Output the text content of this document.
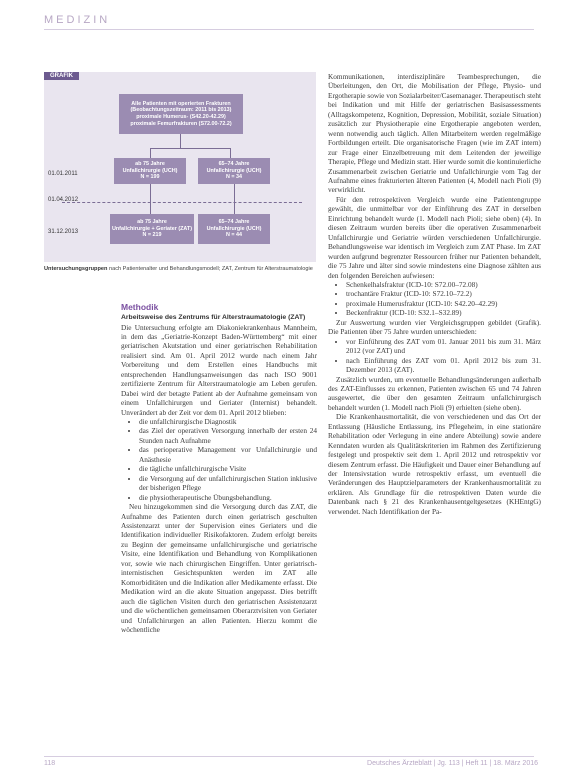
MEDIZIN
GRAFIK
Alle Patienten mit operierten Frakturen
(Beobachtungszeitraum: 2011 bis 2013)
proximale Humerus- (S42.20-42.29)
proximale Femurfrakturen (S72.00-72.2)
01.01.2011
ab 75 Jahre
Unfallchirurgie (UCH)
N = 199
65–74 Jahre
Unfallchirurgie (UCH)
N = 34
01.04.2012
31.12.2013
ab 75 Jahre
Unfallchirurgie + Geriater (ZAT)
N = 219
65–74 Jahre
Unfallchirurgie (UCH)
N = 44
Untersuchungsgruppen nach Patientenalter und Behandlungsmodell; ZAT, Zentrum für Alterstraumatologie
Methodik
Arbeitsweise des Zentrums für Alterstraumatologie (ZAT)

Die Untersuchung erfolgte am Diakoniekrankenhaus Mannheim, in dem das „Geriatrie-Konzept Baden-Württemberg“ mit einer geriatrischen Akutstation und einer geriatrischen Rehabilitation realisiert sind. Am 01. April 2012 wurde nach einem Jahr Vorbereitung und dem Erstellen eines Handbuchs mit entsprechenden Handlungsanweisungen das nach ISO 9001 zertifizierte Zentrum für Alterstraumatologie am Leben gerufen. Dabei wird der betagte Patient ab der Aufnahme gemeinsam von einem Unfallchirurgen und Geriater (Internist) behandelt. Unverändert ab der Zeit vor dem 01. April 2012 blieben:

• die unfallchirurgische Diagnostik
• das Ziel der operativen Versorgung innerhalb der ersten 24 Stunden nach Aufnahme
• das perioperative Management vor Unfallchirurgie und Anästhesie
• die tägliche unfallchirurgische Visite
• die Versorgung auf der unfallchirurgischen Station inklusive der bisherigen Pflege
• die physiotherapeutische Übungsbehandlung.

Neu hinzugekommen sind die Versorgung durch das ZAT, die Aufnahme des Patienten durch einen geriatrisch geschulten Assistenzarzt unter der Supervision eines Geriaters und die Identifikation individueller Risikofaktoren. Zudem erfolgt bereits zu Beginn der gemeinsame unfallchirurgische und geriatrische Visite, eine Identifikation und Behandlung von Komplikationen vor, sowie wie nach chirurgischen Eingriffen. Unter geriatrisch-internistischen Gesichtspunkten werden im ZAT alle Komorbiditäten und die Indikation aller Medikamente erfasst. Die Medikation wird an die akute Situation angepasst. Dies betrifft auch die täglichen Visiten durch den geriatrischen Assistenzarzt und die wöchentlichen gemeinsamen Oberarztvisiten von Geriater und Unfallchirurgen an allen Patienten. Hierzu kommt die wöchentliche

Kommunikationen, interdisziplinäre Teambesprechungen, die Überleitungen, den Ort, die Mobilisation der Pflege, Physio- und Ergotherapie sowie von Sozialarbeiter/Casemanager. Therapeutisch steht bei Indikation und mit Hilfe der geriatrischen Basisassessments (Alltagskompetenz, Kognition, Depression, Mobilität, soziale Situation) zusätzlich zur Physiotherapie eine Ergotherapie angeboten werden, wenn notwendig auch täglich. Allen Mitarbeitern werden regelmäßige Fortbildungen erteilt. Die organisatorische Fragen (wie im ZAT intern) zur Frage einer Einzelbetreuung mit dem Leitenden der jeweilige Therapie, Pflege und Medizin statt. Hier wurde somit die kontinuierliche Zusammenarbeit zwischen Geriatrie und Unfallchirurgie vom Tag der Aufnahme eines frakturierten älteren Patienten (4, Modell nach Pioli (9) verwirklicht.

Für den retrospektiven Vergleich wurde eine Patientengruppe gewählt, die unmittelbar vor der Einführung des ZAT in derselben Einrichtung behandelt wurde (1. Modell nach Pioli; siehe oben) (4). In diesen Zeitraum wurden bereits über die operativen Zusammenarbeit Unfallchirurgie und Geriatrie würden verschiedenen Unfallchirurgie. Behandlungsweise war identisch im Vergleich zum ZAT Phase. Im ZAT wurden aufgrund begrenzter Ressourcen früher nur Patienten behandelt, die 75 Jahre und älter sind sowie mindestens eine Diagnose zählten aus den folgenden Bereichen aufwiesen:

• Schenkelhalsfraktur (ICD-10: S72.00–72.08)
• trochantäre Fraktur (ICD-10: S72.10–72.2)
• proximale Humerusfraktur (ICD-10: S42.20–42.29)
• Beckenfraktur (ICD-10: S32.1–S32.89)

Zur Auswertung wurden vier Vergleichsgruppen gebildet (Grafik). Die Patienten über 75 Jahre wurden unterschieden:

• vor Einführung des ZAT vom 01. Januar 2011 bis zum 31. März 2012 (vor ZAT) und
• nach Einführung des ZAT vom 01. April 2012 bis zum 31. Dezember 2013 (ZAT).

Zusätzlich wurden, um eventuelle Behandlungsänderungen außerhalb des ZAT-Einflusses zu erkennen, Patienten zwischen 65 und 74 Jahren ausgewertet, die über den gesamten Zeitraum unfallchirurgisch behandelt wurden (1. Modell nach Pioli (9) erhielten (siehe oben).

Die Krankenhausmortalität, die von verschiedenen und das Ort der Entlassung (Häusliche Entlassung, ins Pflegeheim, in eine stationäre Rehabilitation oder Verlegung in eine andere Abteilung) sowie andere Kenndaten wurden als Qualitätskriterien im Rahmen des Zertifizierung festgelegt und prospektiv seit dem 1. April 2012 und retrospektiv vor diesem Zentrum erfasst. Die Häufigkeit und Dauer einer Behandlung auf der Intensivstation wurde retrospektiv erfasst, um eventuell die Veränderungen des Hauptzielparameters der Krankenhausmortalität zu erklären. Als Grundlage für die retrospektiven Daten wurde die Datenbank nach § 21 des Krankenhausentgeltgesetzes (KHEntgG) verwendet. Nach Identifikation der Pa-

118	Deutsches Ärzteblatt | Jg. 113 | Heft 11 | 18. März 2016
